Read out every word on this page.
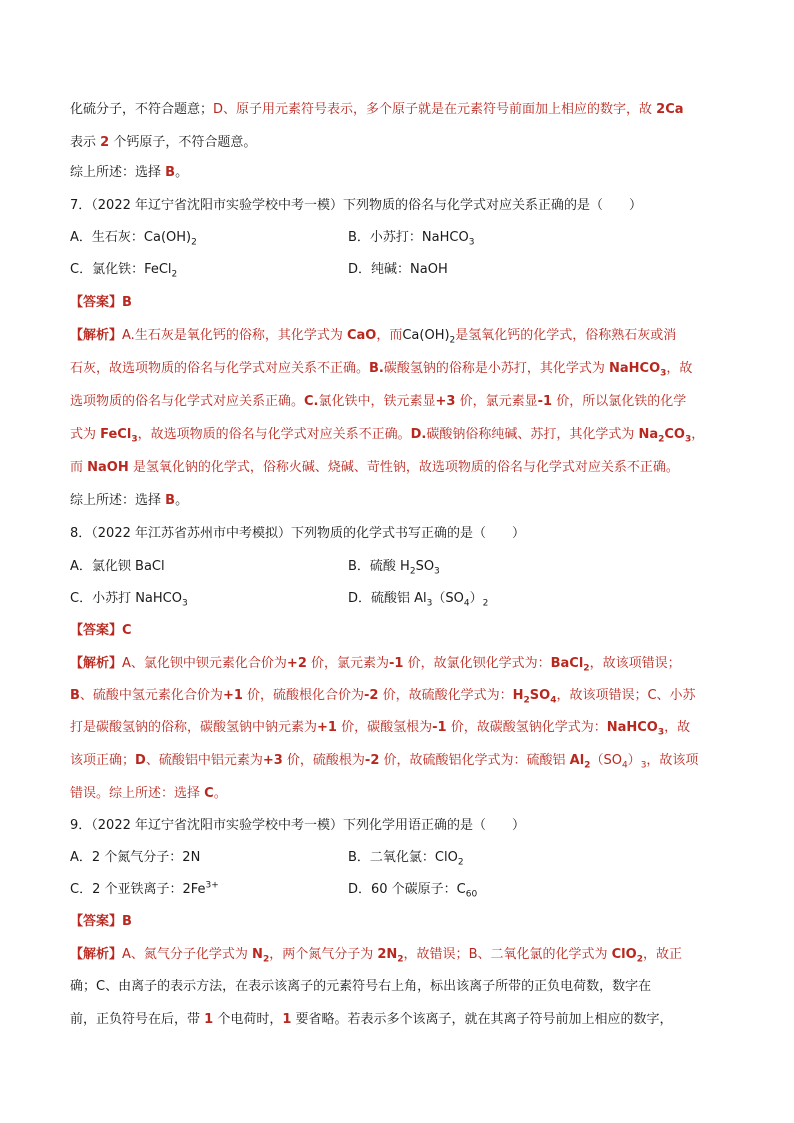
化硫分子，不符合题意；D、原子用元素符号表示，多个原子就是在元素符号前面加上相应的数字，故 2Ca
表示 2 个钙原子，不符合题意。
综上所述：选择 B。
7．（2022 年辽宁省沈阳市实验学校中考一模）下列物质的俗名与化学式对应关系正确的是（　　）
A．生石灰：$Ca(OH)_2$	B．小苏打：NaHCO$_3$
C．氯化铁：FeCl$_2$	D．纯碱：NaOH
【答案】B
【解析】A.生石灰是氧化钙的俗称，其化学式为 CaO，而$Ca(OH)_2$是氢氧化钙的化学式，俗称熟石灰或消
石灰，故选项物质的俗名与化学式对应关系不正确。B.碳酸氢钠的俗称是小苏打，其化学式为 NaHCO$_3$，故
选项物质的俗名与化学式对应关系正确。C.氯化铁中，铁元素显+3 价，氯元素显-1 价，所以氯化铁的化学
式为 FeCl$_3$，故选项物质的俗名与化学式对应关系不正确。D.碳酸钠俗称纯碱、苏打，其化学式为 $Na_2CO_3$，
而 NaOH 是氢氧化钠的化学式，俗称火碱、烧碱、苛性钠，故选项物质的俗名与化学式对应关系不正确。
综上所述：选择 B。
8．（2022 年江苏省苏州市中考模拟）下列物质的化学式书写正确的是（　　）
A．氯化钡 BaCl	B．硫酸 $H_2SO_3$
C．小苏打 NaHCO$_3$	D．硫酸铝 $Al_3(SO_4)_2$
【答案】C
【解析】A、氯化钡中钡元素化合价为+2 价，氯元素为-1 价，故氯化钡化学式为：BaCl$_2$，故该项错误；
B、硫酸中氢元素化合价为+1 价，硫酸根化合价为-2 价，故硫酸化学式为：$H_2SO_4$，故该项错误；C、小苏
打是碳酸氢钠的俗称，碳酸氢钠中钠元素为+1 价，碳酸氢根为-1 价，故碳酸氢钠化学式为：NaHCO$_3$，故
该项正确；D、硫酸铝中铝元素为+3 价，硫酸根为-2 价，故硫酸铝化学式为：硫酸铝 $Al_2(SO_4)_3$，故该项
错误。综上所述：选择 C。
9．（2022 年辽宁省沈阳市实验学校中考一模）下列化学用语正确的是（　　）
A．2 个氮气分子：2N	B．二氧化氯：ClO$_2$
C．2 个亚铁离子：$2Fe^{3+}$	D．60 个碳原子：$C_{60}$
【答案】B
【解析】A、氮气分子化学式为 $N_2$，两个氮气分子为 $2N_2$，故错误；B、二氧化氯的化学式为 ClO$_2$，故正
确；C、由离子的表示方法，在表示该离子的元素符号右上角，标出该离子所带的正负电荷数，数字在
前，正负符号在后，带 1 个电荷时，1 要省略。若表示多个该离子，就在其离子符号前加上相应的数字，
